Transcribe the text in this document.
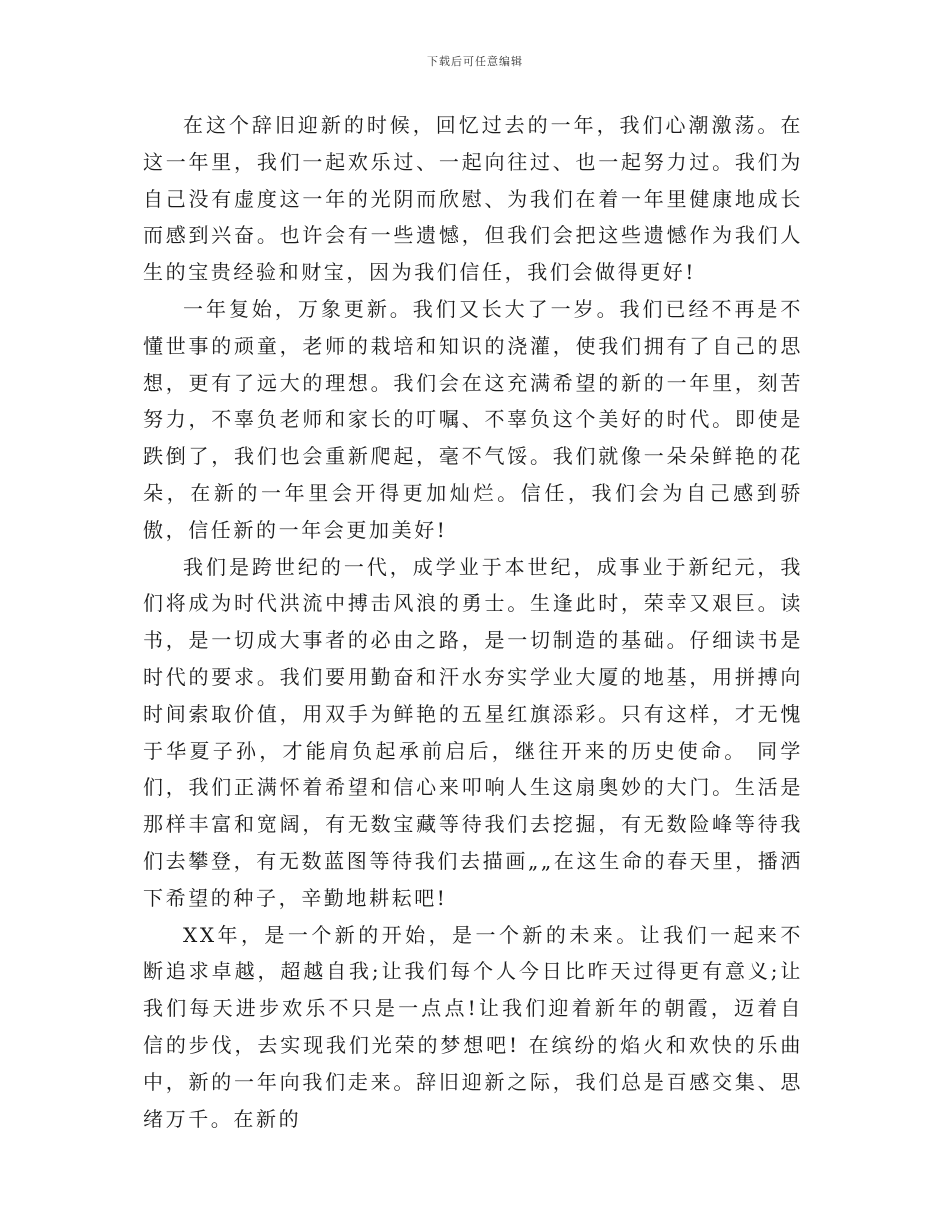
下载后可任意编辑

在这个辞旧迎新的时候，回忆过去的一年，我们心潮激荡。在这一年里，我们一起欢乐过、一起向往过、也一起努力过。我们为自己没有虚度这一年的光阴而欣慰、为我们在着一年里健康地成长而感到兴奋。也许会有一些遗憾，但我们会把这些遗憾作为我们人生的宝贵经验和财宝，因为我们信任，我们会做得更好!

一年复始，万象更新。我们又长大了一岁。我们已经不再是不懂世事的顽童，老师的栽培和知识的浇灌，使我们拥有了自己的思想，更有了远大的理想。我们会在这充满希望的新的一年里，刻苦努力，不辜负老师和家长的叮嘱、不辜负这个美好的时代。即使是跌倒了，我们也会重新爬起，毫不气馁。我们就像一朵朵鲜艳的花朵，在新的一年里会开得更加灿烂。信任，我们会为自己感到骄傲，信任新的一年会更加美好!

我们是跨世纪的一代，成学业于本世纪，成事业于新纪元，我们将成为时代洪流中搏击风浪的勇士。生逢此时，荣幸又艰巨。读书，是一切成大事者的必由之路，是一切制造的基础。仔细读书是时代的要求。我们要用勤奋和汗水夯实学业大厦的地基，用拼搏向时间索取价值，用双手为鲜艳的五星红旗添彩。只有这样，才无愧于华夏子孙，才能肩负起承前启后，继往开来的历史使命。 同学们，我们正满怀着希望和信心来叩响人生这扇奥妙的大门。生活是那样丰富和宽阔，有无数宝藏等待我们去挖掘，有无数险峰等待我们去攀登，有无数蓝图等待我们去描画„„在这生命的春天里，播洒下希望的种子，辛勤地耕耘吧!

XX年，是一个新的开始，是一个新的未来。让我们一起来不断追求卓越，超越自我;让我们每个人今日比昨天过得更有意义;让我们每天进步欢乐不只是一点点!让我们迎着新年的朝霞，迈着自信的步伐，去实现我们光荣的梦想吧! 在缤纷的焰火和欢快的乐曲中，新的一年向我们走来。辞旧迎新之际，我们总是百感交集、思绪万千。在新的
